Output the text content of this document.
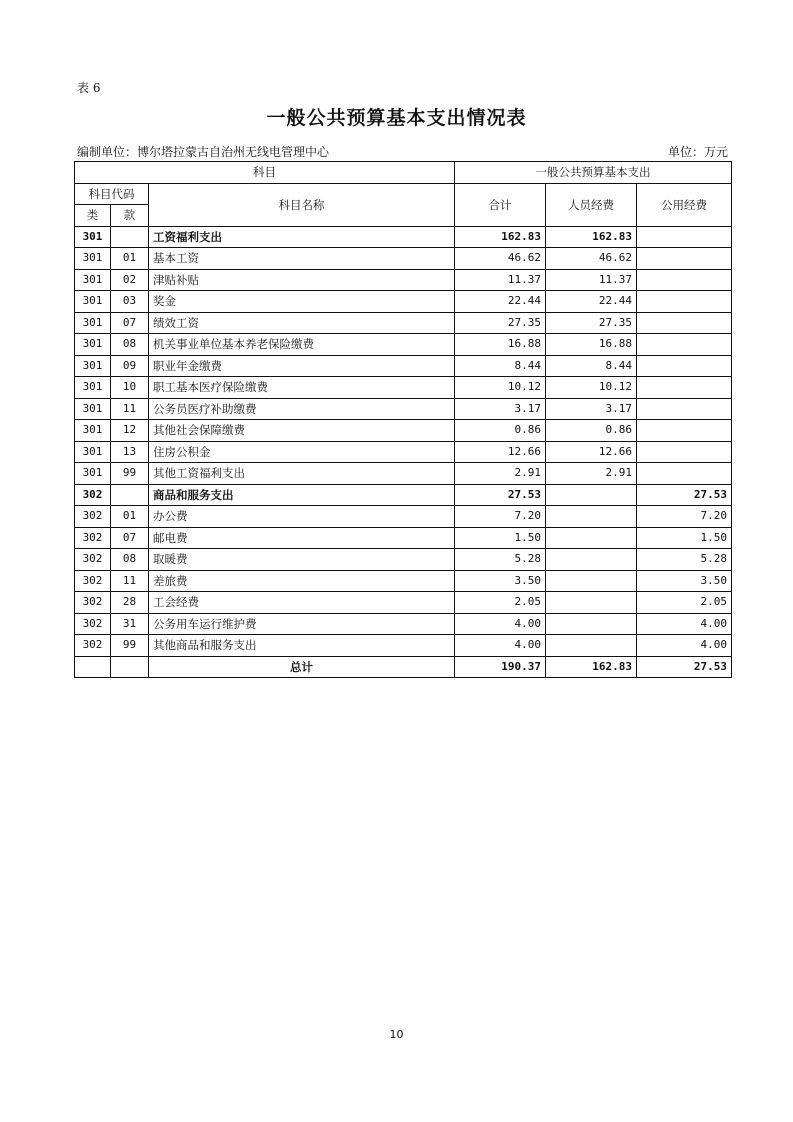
表 6
一般公共预算基本支出情况表
编制单位：博尔塔拉蒙古自治州无线电管理中心	单位：万元
科目			一般公共预算基本支出		
科目代码		科目名称	合计	人员经费	公用经费
类	款				
301		工资福利支出	162.83	162.83	
301	01	基本工资	46.62	46.62	
301	02	津贴补贴	11.37	11.37	
301	03	奖金	22.44	22.44	
301	07	绩效工资	27.35	27.35	
301	08	机关事业单位基本养老保险缴费	16.88	16.88	
301	09	职业年金缴费	8.44	8.44	
301	10	职工基本医疗保险缴费	10.12	10.12	
301	11	公务员医疗补助缴费	3.17	3.17	
301	12	其他社会保障缴费	0.86	0.86	
301	13	住房公积金	12.66	12.66	
301	99	其他工资福利支出	2.91	2.91	
302		商品和服务支出	27.53		27.53
302	01	办公费	7.20		7.20
302	07	邮电费	1.50		1.50
302	08	取暖费	5.28		5.28
302	11	差旅费	3.50		3.50
302	28	工会经费	2.05		2.05
302	31	公务用车运行维护费	4.00		4.00
302	99	其他商品和服务支出	4.00		4.00
		总计	190.37	162.83	27.53
10
